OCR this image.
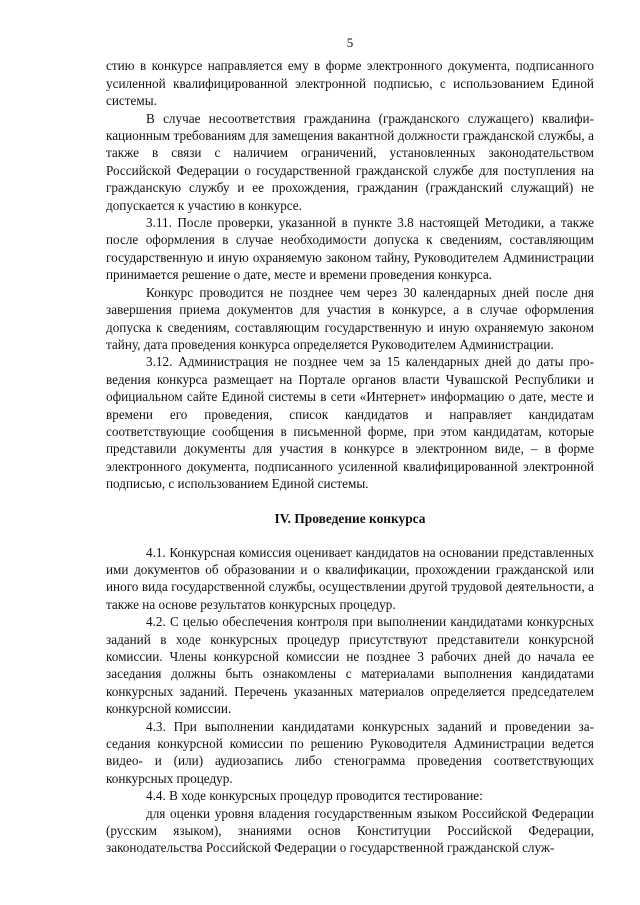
5

стию в конкурсе направляется ему в форме электронного документа, подписанного усиленной квалифицированной электронной подписью, с использованием Единой системы.

В случае несоответствия гражданина (гражданского служащего) квалификационным требованиям для замещения вакантной должности гражданской службы, а также в связи с наличием ограничений, установленных законодательством Российской Федерации о государственной гражданской службе для поступления на гражданскую службу и ее прохождения, гражданин (гражданский служащий) не допускается к участию в конкурсе.

3.11. После проверки, указанной в пункте 3.8 настоящей Методики, а также после оформления в случае необходимости допуска к сведениям, составляющим государственную и иную охраняемую законом тайну, Руководителем Администрации принимается решение о дате, месте и времени проведения конкурса.

Конкурс проводится не позднее чем через 30 календарных дней после дня завершения приема документов для участия в конкурсе, а в случае оформления допуска к сведениям, составляющим государственную и иную охраняемую законом тайну, дата проведения конкурса определяется Руководителем Администрации.

3.12. Администрация не позднее чем за 15 календарных дней до даты проведения конкурса размещает на Портале органов власти Чувашской Республики и официальном сайте Единой системы в сети «Интернет» информацию о дате, месте и времени его проведения, список кандидатов и направляет кандидатам соответствующие сообщения в письменной форме, при этом кандидатам, которые представили документы для участия в конкурсе в электронном виде, – в форме электронного документа, подписанного усиленной квалифицированной электронной подписью, с использованием Единой системы.

IV. Проведение конкурса

4.1. Конкурсная комиссия оценивает кандидатов на основании представленных ими документов об образовании и о квалификации, прохождении гражданской или иного вида государственной службы, осуществлении другой трудовой деятельности, а также на основе результатов конкурсных процедур.

4.2. С целью обеспечения контроля при выполнении кандидатами конкурсных заданий в ходе конкурсных процедур присутствуют представители конкурсной комиссии. Члены конкурсной комиссии не позднее 3 рабочих дней до начала ее заседания должны быть ознакомлены с материалами выполнения кандидатами конкурсных заданий. Перечень указанных материалов определяется председателем конкурсной комиссии.

4.3. При выполнении кандидатами конкурсных заданий и проведении заседания конкурсной комиссии по решению Руководителя Администрации ведется видео- и (или) аудиозапись либо стенограмма проведения соответствующих конкурсных процедур.

4.4. В ходе конкурсных процедур проводится тестирование:

для оценки уровня владения государственным языком Российской Федерации (русским языком), знаниями основ Конституции Российской Федерации, законодательства Российской Федерации о государственной гражданской служ-
